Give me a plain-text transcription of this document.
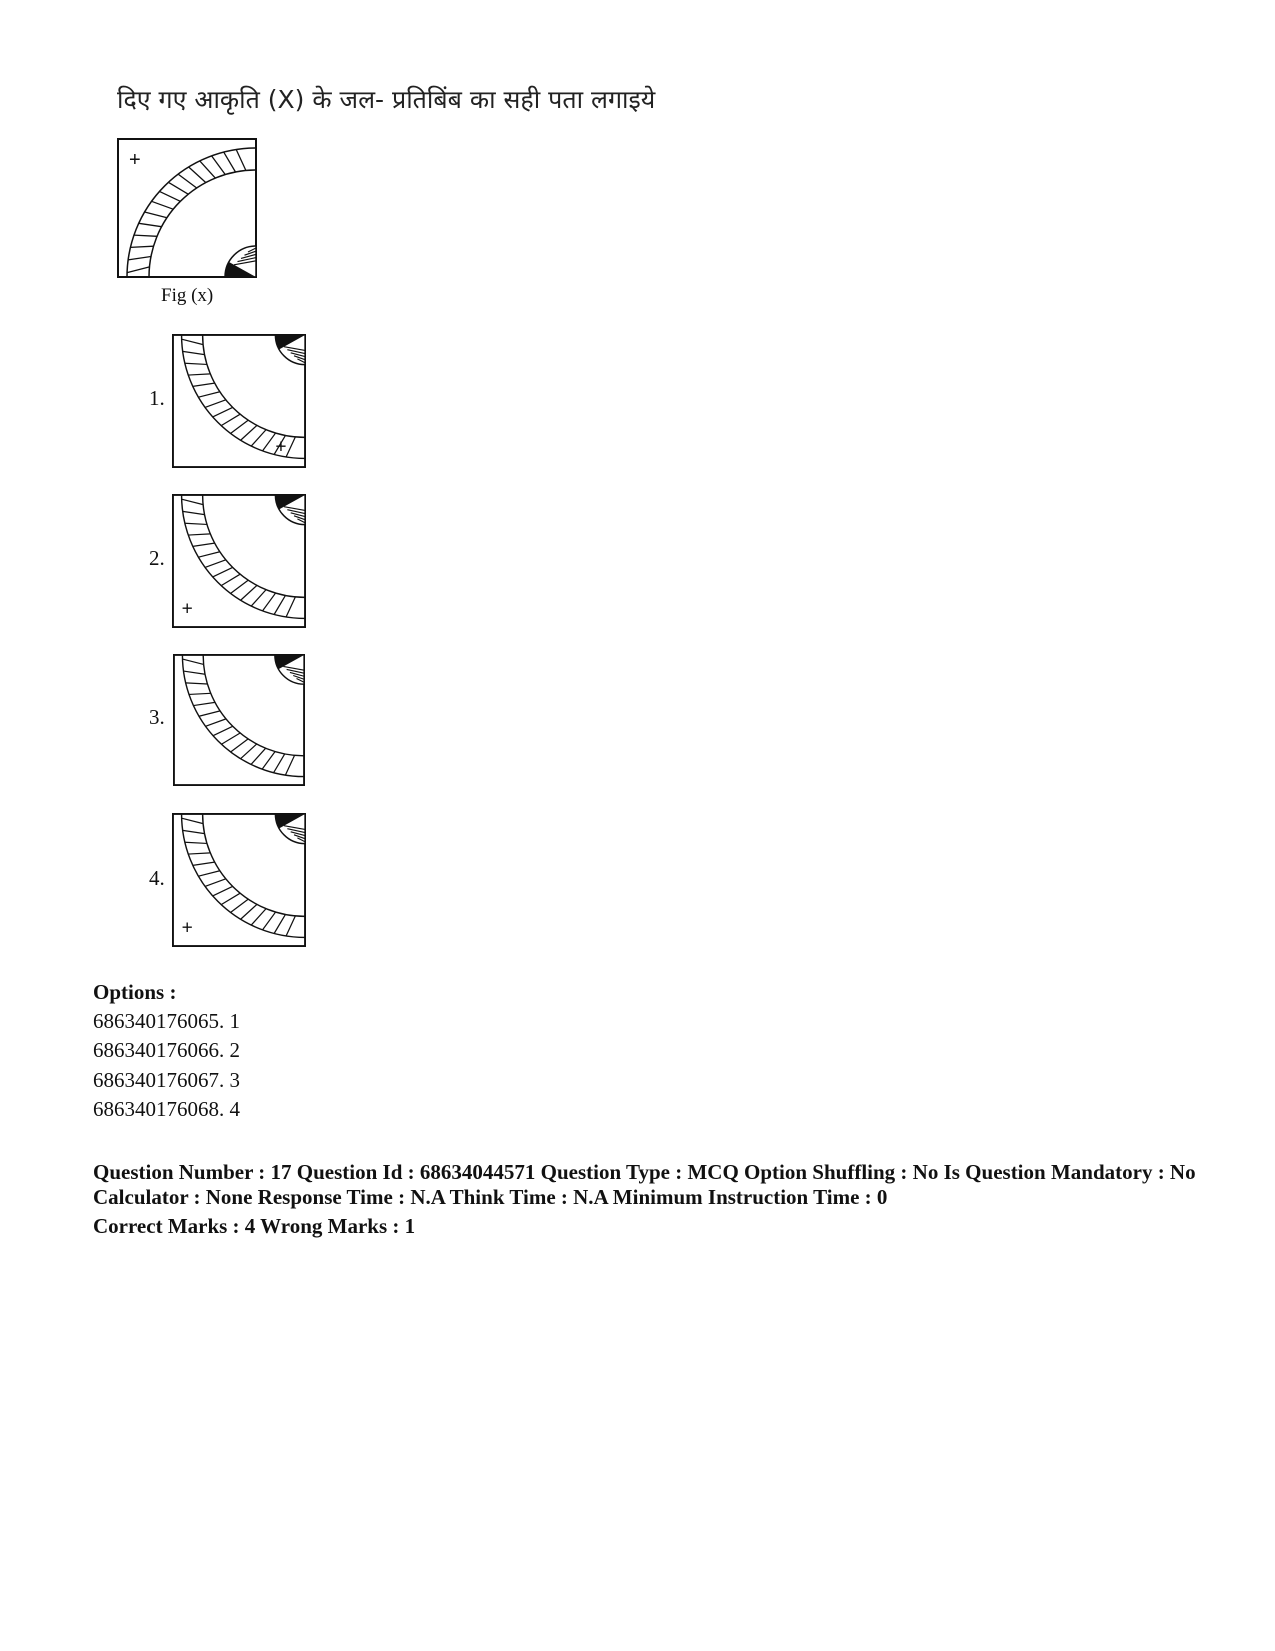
दिए गए आकृति (X) के जल- प्रतिबिंब का सही पता लगाइये
+
Fig (x)
1.
+
2.
+
3.
4.
+
Options :
686340176065. 1
686340176066. 2
686340176067. 3
686340176068. 4

Question Number : 17 Question Id : 68634044571 Question Type : MCQ Option Shuffling : No Is Question Mandatory : No Calculator : None Response Time : N.A Think Time : N.A Minimum Instruction Time : 0

Correct Marks : 4 Wrong Marks : 1
